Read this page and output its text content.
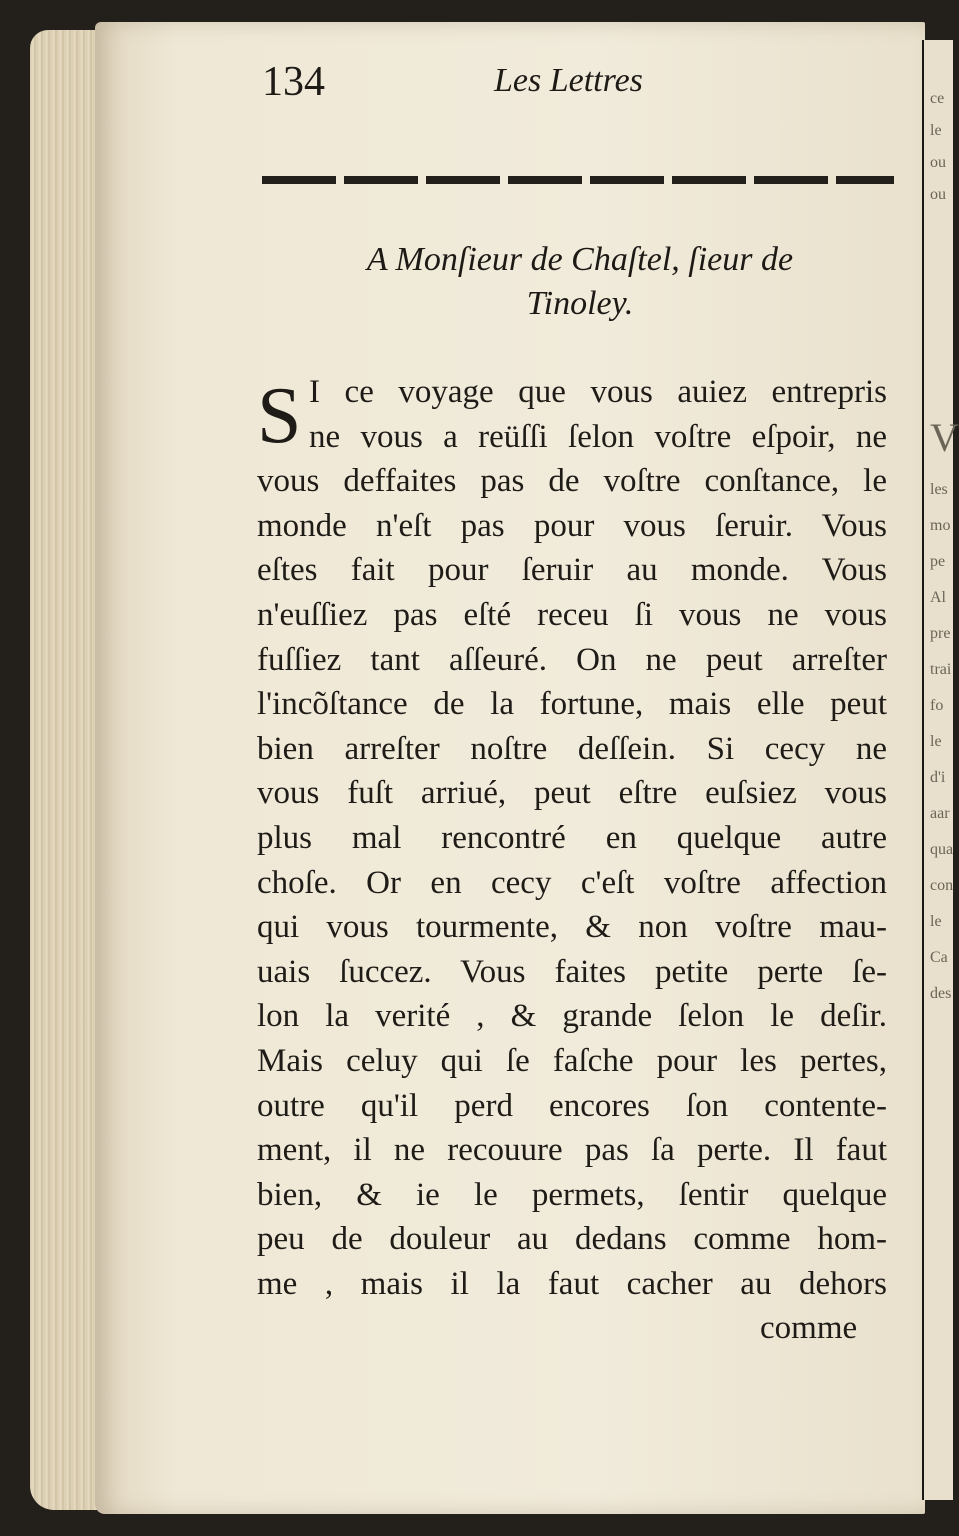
ce
le
ou
ou
V
les
mo
pe
Al
pre
trai
fo
le
d'i
aar
qua
con
le
Ca
des
134	Les Lettres
A Monſieur de Chaſtel, ſieur de
Tinoley.
S I ce voyage que vous auiez entrepris
ne vous a reüſſi ſelon voſtre eſpoir, ne
vous deffaites pas de voſtre conſtance, le
monde n'eſt pas pour vous ſeruir. Vous
eſtes fait pour ſeruir au monde. Vous
n'euſſiez pas eſté receu ſi vous ne vous
fuſſiez tant aſſeuré. On ne peut arreſter
l'incõſtance de la fortune, mais elle peut
bien arreſter noſtre deſſein. Si cecy ne
vous fuſt arriué, peut eſtre euſsiez vous
plus mal rencontré en quelque autre
choſe. Or en cecy c'eſt voſtre affection
qui vous tourmente, & non voſtre mau-
uais ſuccez. Vous faites petite perte ſe-
lon la verité , & grande ſelon le deſir.
Mais celuy qui ſe faſche pour les pertes,
outre qu'il perd encores ſon contente-
ment, il ne recouure pas ſa perte. Il faut
bien, & ie le permets, ſentir quelque
peu de douleur au dedans comme hom-
me , mais il la faut cacher au dehors
comme
